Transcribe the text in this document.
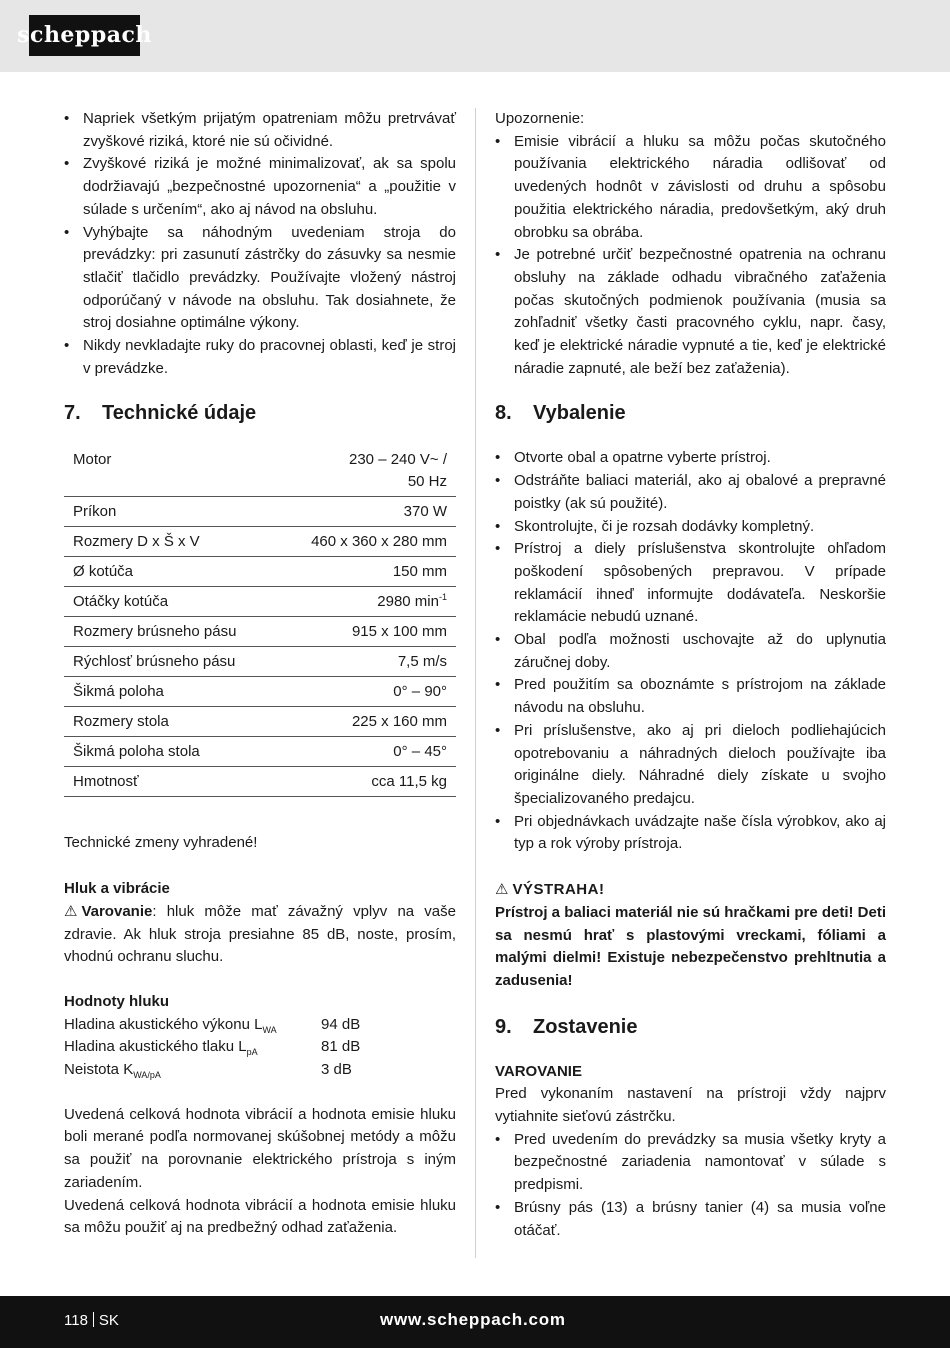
scheppach
• Napriek všetkým prijatým opatreniam môžu pretrvávať zvyškové riziká, ktoré nie sú očividné.
• Zvyškové riziká je možné minimalizovať, ak sa spolu dodržiavajú „bezpečnostné upozornenia“ a „použitie v súlade s určením“, ako aj návod na obsluhu.
• Vyhýbajte sa náhodným uvedeniam stroja do prevádzky: pri zasunutí zástrčky do zásuvky sa nesmie stlačiť tlačidlo prevádzky. Používajte vložený nástroj odporúčaný v návode na obsluhu. Tak dosiahnete, že stroj dosiahne optimálne výkony.
• Nikdy nevkladajte ruky do pracovnej oblasti, keď je stroj v prevádzke.
7. Technické údaje
Motor	230 – 240 V~ /
50 Hz
Príkon	370 W
Rozmery D x Š x V	460 x 360 x 280 mm
Ø kotúča	150 mm
Otáčky kotúča	2980 $\min^{-1}$
Rozmery brúsneho pásu	915 x 100 mm
Rýchlosť brúsneho pásu	7,5 m/s
Šikmá poloha	0° – 90°
Rozmery stola	225 x 160 mm
Šikmá poloha stola	0° – 45°
Hmotnosť	cca 11,5 kg
Technické zmeny vyhradené!
Hluk a vibrácie
⚠ Varovanie: hluk môže mať závažný vplyv na vaše zdravie. Ak hluk stroja presiahne 85 dB, noste, prosím, vhodnú ochranu sluchu.
Hodnoty hluku
Hladina akustického výkonu $L_{WA}$	94 dB
Hladina akustického tlaku $L_{pA}$	81 dB
Neistota $K_{WA/pA}$	3 dB
Uvedená celková hodnota vibrácií a hodnota emisie hluku boli merané podľa normovanej skúšobnej metódy a môžu sa použiť na porovnanie elektrického prístroja s iným zariadením.
Uvedená celková hodnota vibrácií a hodnota emisie hluku sa môžu použiť aj na predbežný odhad zaťaženia.
Upozornenie:
• Emisie vibrácií a hluku sa môžu počas skutočného používania elektrického náradia odlišovať od uvedených hodnôt v závislosti od druhu a spôsobu použitia elektrického náradia, predovšetkým, aký druh obrobku sa obrába.
• Je potrebné určiť bezpečnostné opatrenia na ochranu obsluhy na základe odhadu vibračného zaťaženia počas skutočných podmienok používania (musia sa zohľadniť všetky časti pracovného cyklu, napr. časy, keď je elektrické náradie vypnuté a tie, keď je elektrické náradie zapnuté, ale beží bez zaťaženia).
8. Vybalenie
• Otvorte obal a opatrne vyberte prístroj.
• Odstráňte baliaci materiál, ako aj obalové a prepravné poistky (ak sú použité).
• Skontrolujte, či je rozsah dodávky kompletný.
• Prístroj a diely príslušenstva skontrolujte ohľadom poškodení spôsobených prepravou. V prípade reklamácií ihneď informujte dodávateľa. Neskoršie reklamácie nebudú uznané.
• Obal podľa možnosti uschovajte až do uplynutia záručnej doby.
• Pred použitím sa oboznámte s prístrojom na základe návodu na obsluhu.
• Pri príslušenstve, ako aj pri dieloch podliehajúcich opotrebovaniu a náhradných dieloch používajte iba originálne diely. Náhradné diely získate u svojho špecializovaného predajcu.
• Pri objednávkach uvádzajte naše čísla výrobkov, ako aj typ a rok výroby prístroja.
⚠ VÝSTRAHA!
Prístroj a baliaci materiál nie sú hračkami pre deti! Deti sa nesmú hrať s plastovými vreckami, fóliami a malými dielmi! Existuje nebezpečenstvo prehltnutia a zadusenia!
9. Zostavenie
VAROVANIE
Pred vykonaním nastavení na prístroji vždy najprv vytiahnite sieťovú zástrčku.
• Pred uvedením do prevádzky sa musia všetky kryty a bezpečnostné zariadenia namontovať v súlade s predpismi.
• Brúsny pás (13) a brúsny tanier (4) sa musia voľne otáčať.
118 SK	www.scheppach.com
